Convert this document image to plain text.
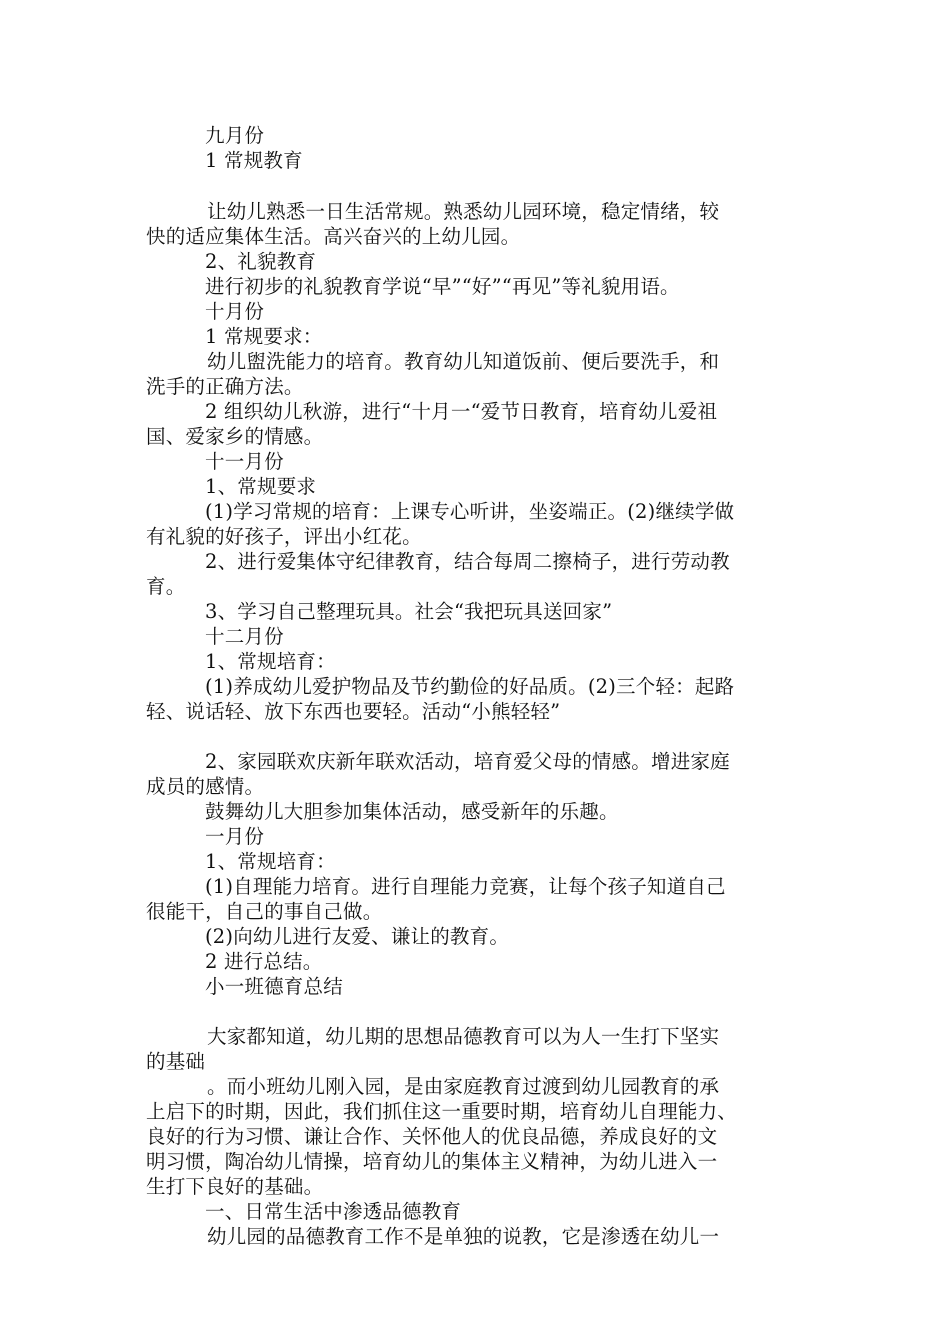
九月份
1 常规教育
让幼儿熟悉一日生活常规。熟悉幼儿园环境，稳定情绪，较
快的适应集体生活。高兴奋兴的上幼儿园。
2、礼貌教育
进行初步的礼貌教育学说“早”“好”“再见”等礼貌用语。
十月份
1 常规要求：
幼儿盥洗能力的培育。教育幼儿知道饭前、便后要洗手，和
洗手的正确方法。
2 组织幼儿秋游，进行“十月一“爱节日教育，培育幼儿爱祖
国、爱家乡的情感。
十一月份
1、常规要求
(1)学习常规的培育：上课专心听讲，坐姿端正。(2)继续学做
有礼貌的好孩子，评出小红花。
2、进行爱集体守纪律教育，结合每周二擦椅子，进行劳动教
育。
3、学习自己整理玩具。社会“我把玩具送回家”
十二月份
1、常规培育：
(1)养成幼儿爱护物品及节约勤俭的好品质。(2)三个轻：起路
轻、说话轻、放下东西也要轻。活动“小熊轻轻”
2、家园联欢庆新年联欢活动，培育爱父母的情感。增进家庭
成员的感情。
鼓舞幼儿大胆参加集体活动，感受新年的乐趣。
一月份
1、常规培育：
(1)自理能力培育。进行自理能力竞赛，让每个孩子知道自己
很能干，自己的事自己做。
(2)向幼儿进行友爱、谦让的教育。
2 进行总结。
小一班德育总结
大家都知道，幼儿期的思想品德教育可以为人一生打下坚实
的基础
。而小班幼儿刚入园，是由家庭教育过渡到幼儿园教育的承
上启下的时期，因此，我们抓住这一重要时期，培育幼儿自理能力、
良好的行为习惯、谦让合作、关怀他人的优良品德，养成良好的文
明习惯，陶冶幼儿情操，培育幼儿的集体主义精神，为幼儿进入一
生打下良好的基础。
一、日常生活中渗透品德教育
幼儿园的品德教育工作不是单独的说教，它是渗透在幼儿一
